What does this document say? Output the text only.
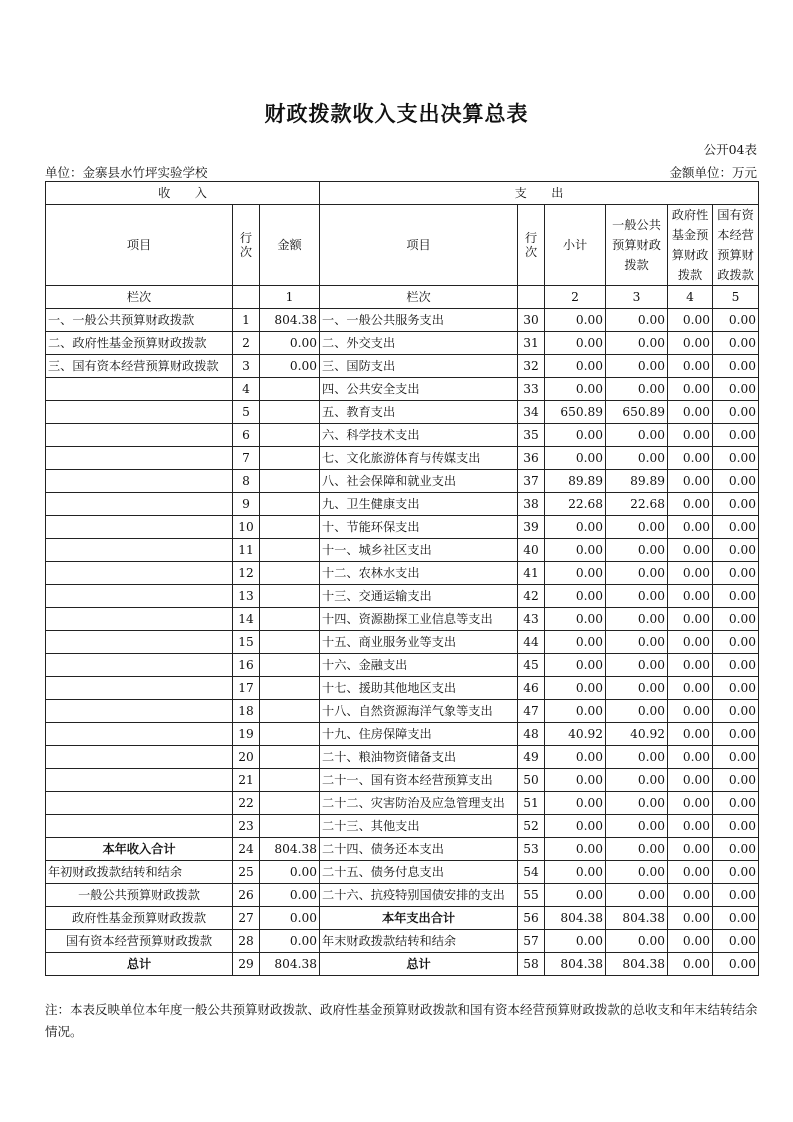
财政拨款收入支出决算总表
公开04表
单位：金寨县水竹坪实验学校	金额单位：万元
收　　入			支　　出					
项目	行次	金额	项目	行次	小计	一般公共预算财政拨款	政府性基金预算财政拨款	国有资本经营预算财政拨款
栏次		1	栏次		2	3	4	5
一、一般公共预算财政拨款	1	804.38	一、一般公共服务支出	30	0.00	0.00	0.00	0.00
二、政府性基金预算财政拨款	2	0.00	二、外交支出	31	0.00	0.00	0.00	0.00
三、国有资本经营预算财政拨款	3	0.00	三、国防支出	32	0.00	0.00	0.00	0.00
	4		四、公共安全支出	33	0.00	0.00	0.00	0.00
	5		五、教育支出	34	650.89	650.89	0.00	0.00
	6		六、科学技术支出	35	0.00	0.00	0.00	0.00
	7		七、文化旅游体育与传媒支出	36	0.00	0.00	0.00	0.00
	8		八、社会保障和就业支出	37	89.89	89.89	0.00	0.00
	9		九、卫生健康支出	38	22.68	22.68	0.00	0.00
	10		十、节能环保支出	39	0.00	0.00	0.00	0.00
	11		十一、城乡社区支出	40	0.00	0.00	0.00	0.00
	12		十二、农林水支出	41	0.00	0.00	0.00	0.00
	13		十三、交通运输支出	42	0.00	0.00	0.00	0.00
	14		十四、资源勘探工业信息等支出	43	0.00	0.00	0.00	0.00
	15		十五、商业服务业等支出	44	0.00	0.00	0.00	0.00
	16		十六、金融支出	45	0.00	0.00	0.00	0.00
	17		十七、援助其他地区支出	46	0.00	0.00	0.00	0.00
	18		十八、自然资源海洋气象等支出	47	0.00	0.00	0.00	0.00
	19		十九、住房保障支出	48	40.92	40.92	0.00	0.00
	20		二十、粮油物资储备支出	49	0.00	0.00	0.00	0.00
	21		二十一、国有资本经营预算支出	50	0.00	0.00	0.00	0.00
	22		二十二、灾害防治及应急管理支出	51	0.00	0.00	0.00	0.00
	23		二十三、其他支出	52	0.00	0.00	0.00	0.00
本年收入合计	24	804.38	二十四、债务还本支出	53	0.00	0.00	0.00	0.00
年初财政拨款结转和结余	25	0.00	二十五、债务付息支出	54	0.00	0.00	0.00	0.00
一般公共预算财政拨款	26	0.00	二十六、抗疫特别国债安排的支出	55	0.00	0.00	0.00	0.00
政府性基金预算财政拨款	27	0.00	本年支出合计	56	804.38	804.38	0.00	0.00
国有资本经营预算财政拨款	28	0.00	年末财政拨款结转和结余	57	0.00	0.00	0.00	0.00
总计	29	804.38	总计	58	804.38	804.38	0.00	0.00
注：本表反映单位本年度一般公共预算财政拨款、政府性基金预算财政拨款和国有资本经营预算财政拨款的总收支和年末结转结余情况。
